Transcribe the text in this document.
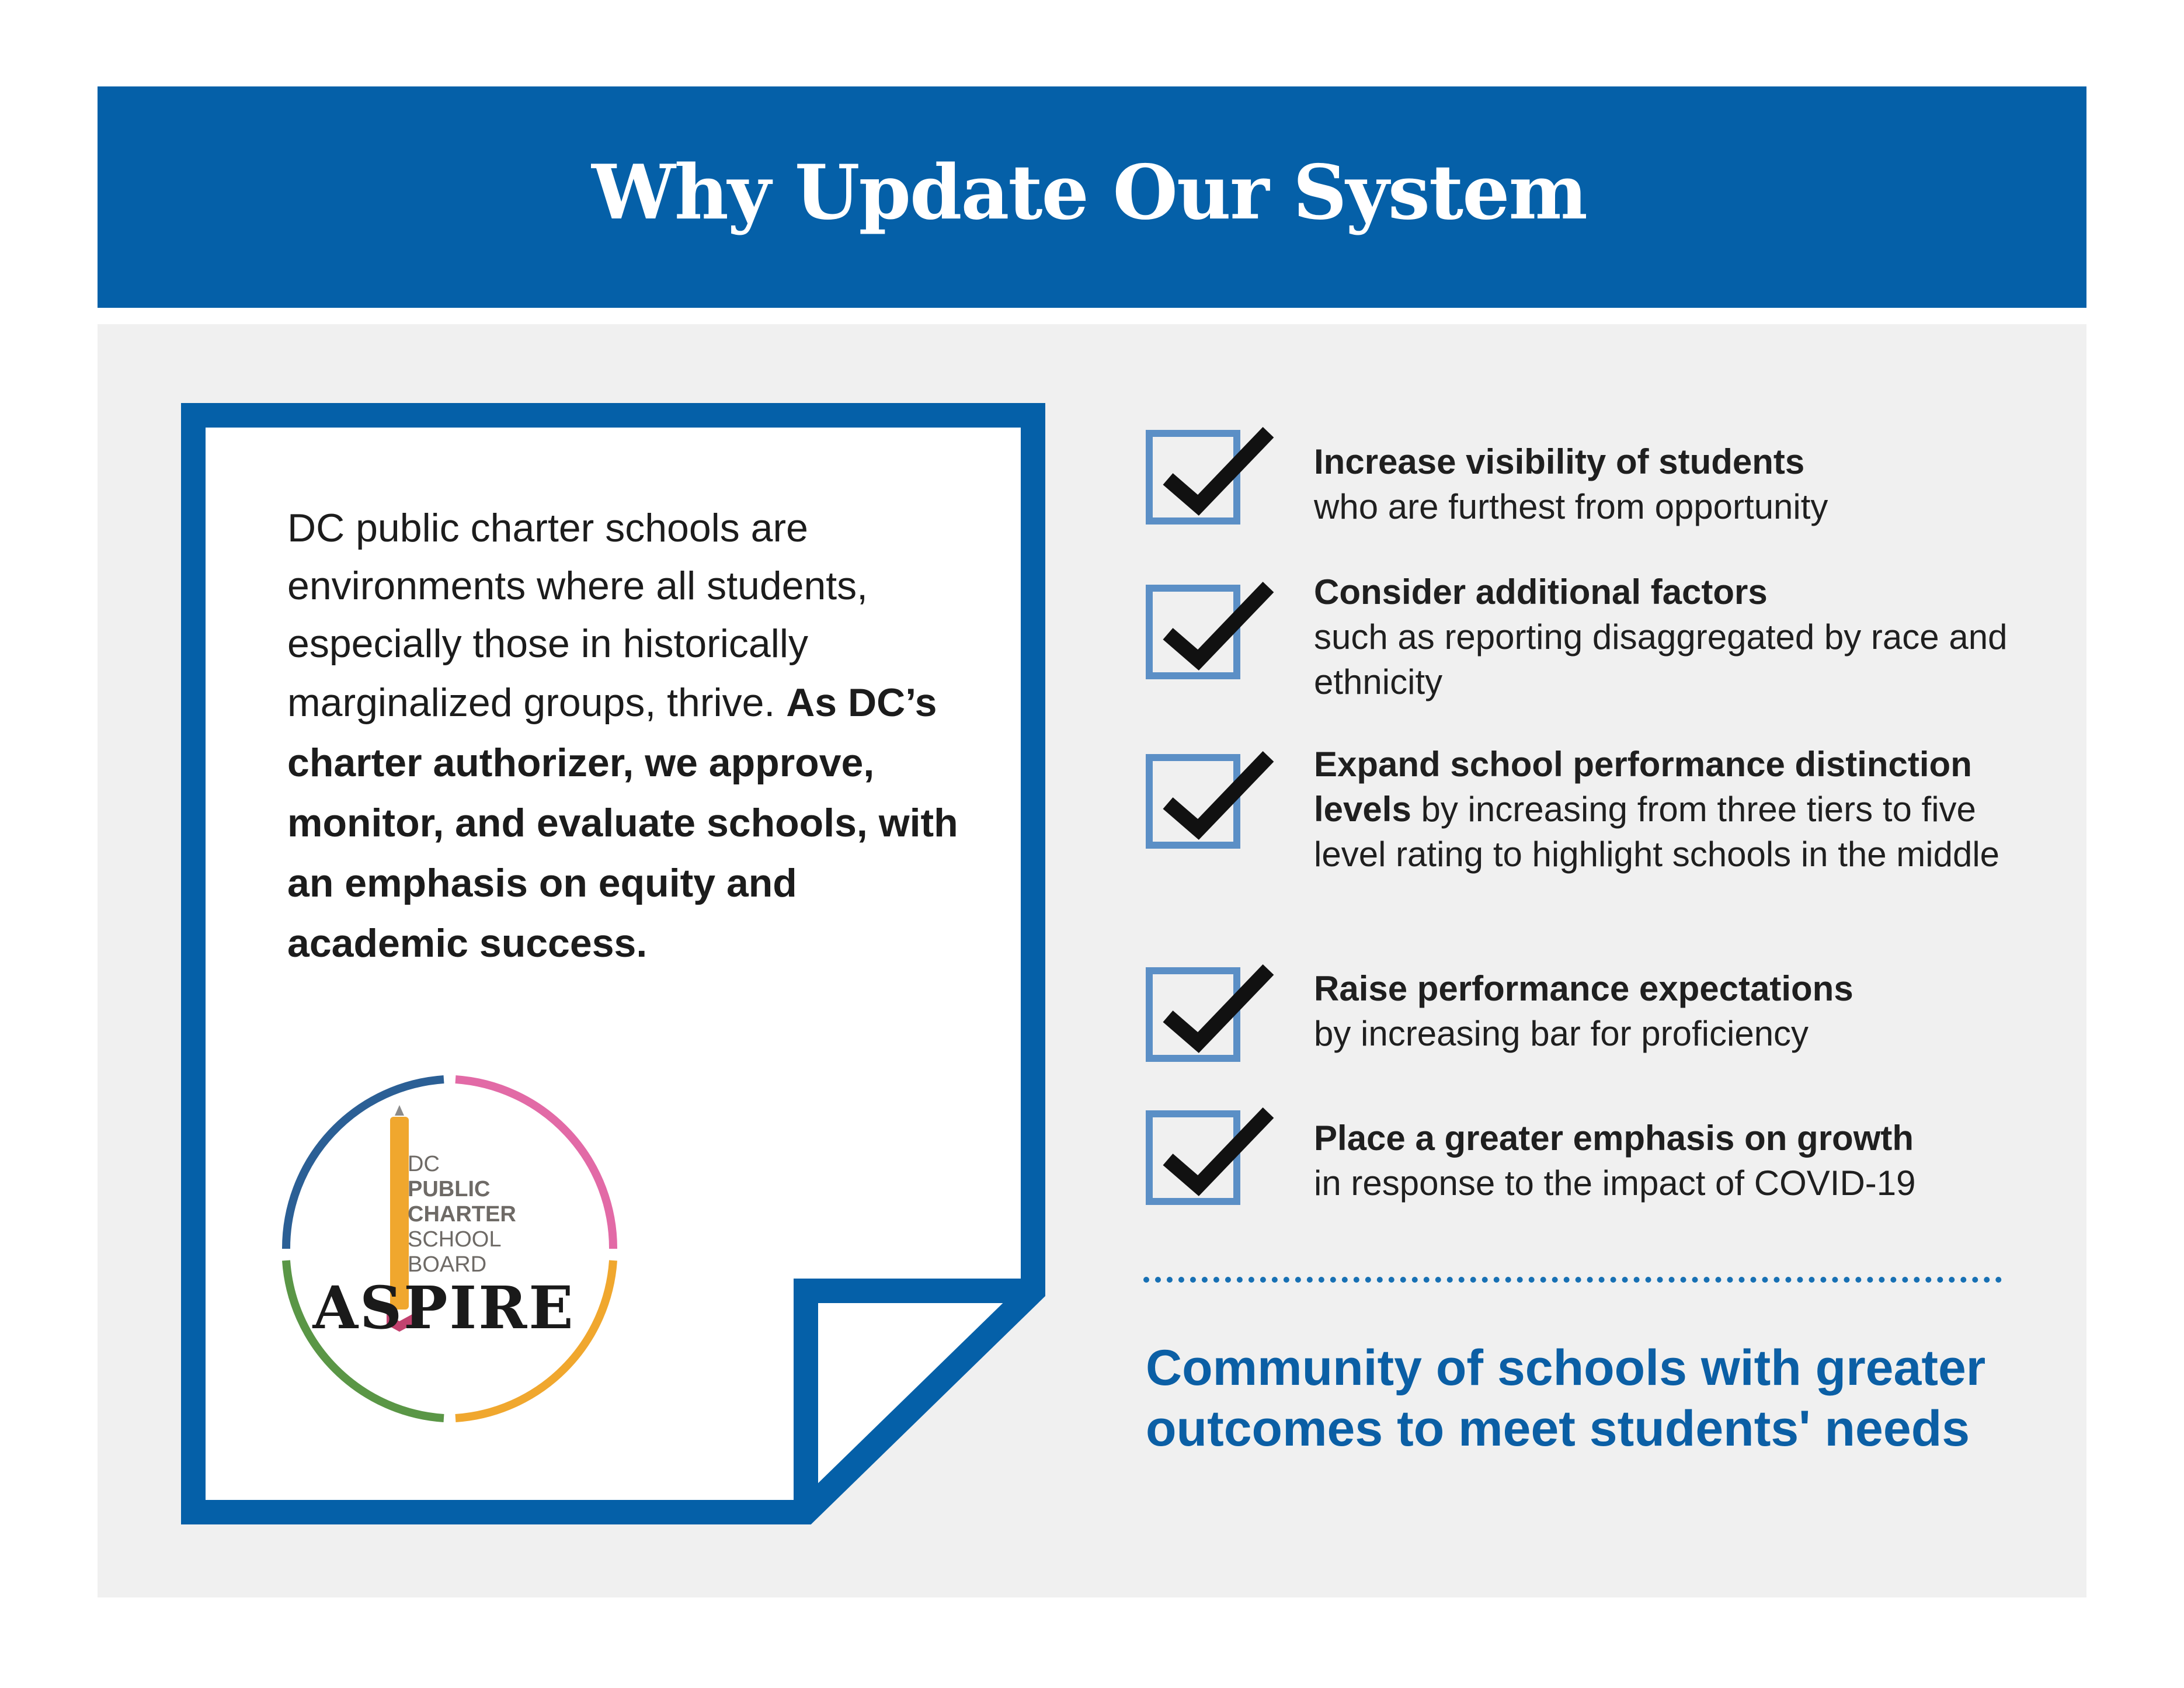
Why Update Our System
DC public charter schools are environments where all students, especially those in historically marginalized groups, thrive. As DC’s charter authorizer, we approve, monitor, and evaluate schools, with an emphasis on equity and academic success.
DC
PUBLIC
CHARTER
SCHOOL
BOARD
ASPIRE
Increase visibility of students
who are furthest from opportunity
Consider additional factors
such as reporting disaggregated by race and ethnicity
Expand school performance distinction levels by increasing from three tiers to five level rating to highlight schools in the middle
Raise performance expectations
by increasing bar for proficiency
Place a greater emphasis on growth
in response to the impact of COVID-19
Community of schools with greater outcomes to meet students' needs
